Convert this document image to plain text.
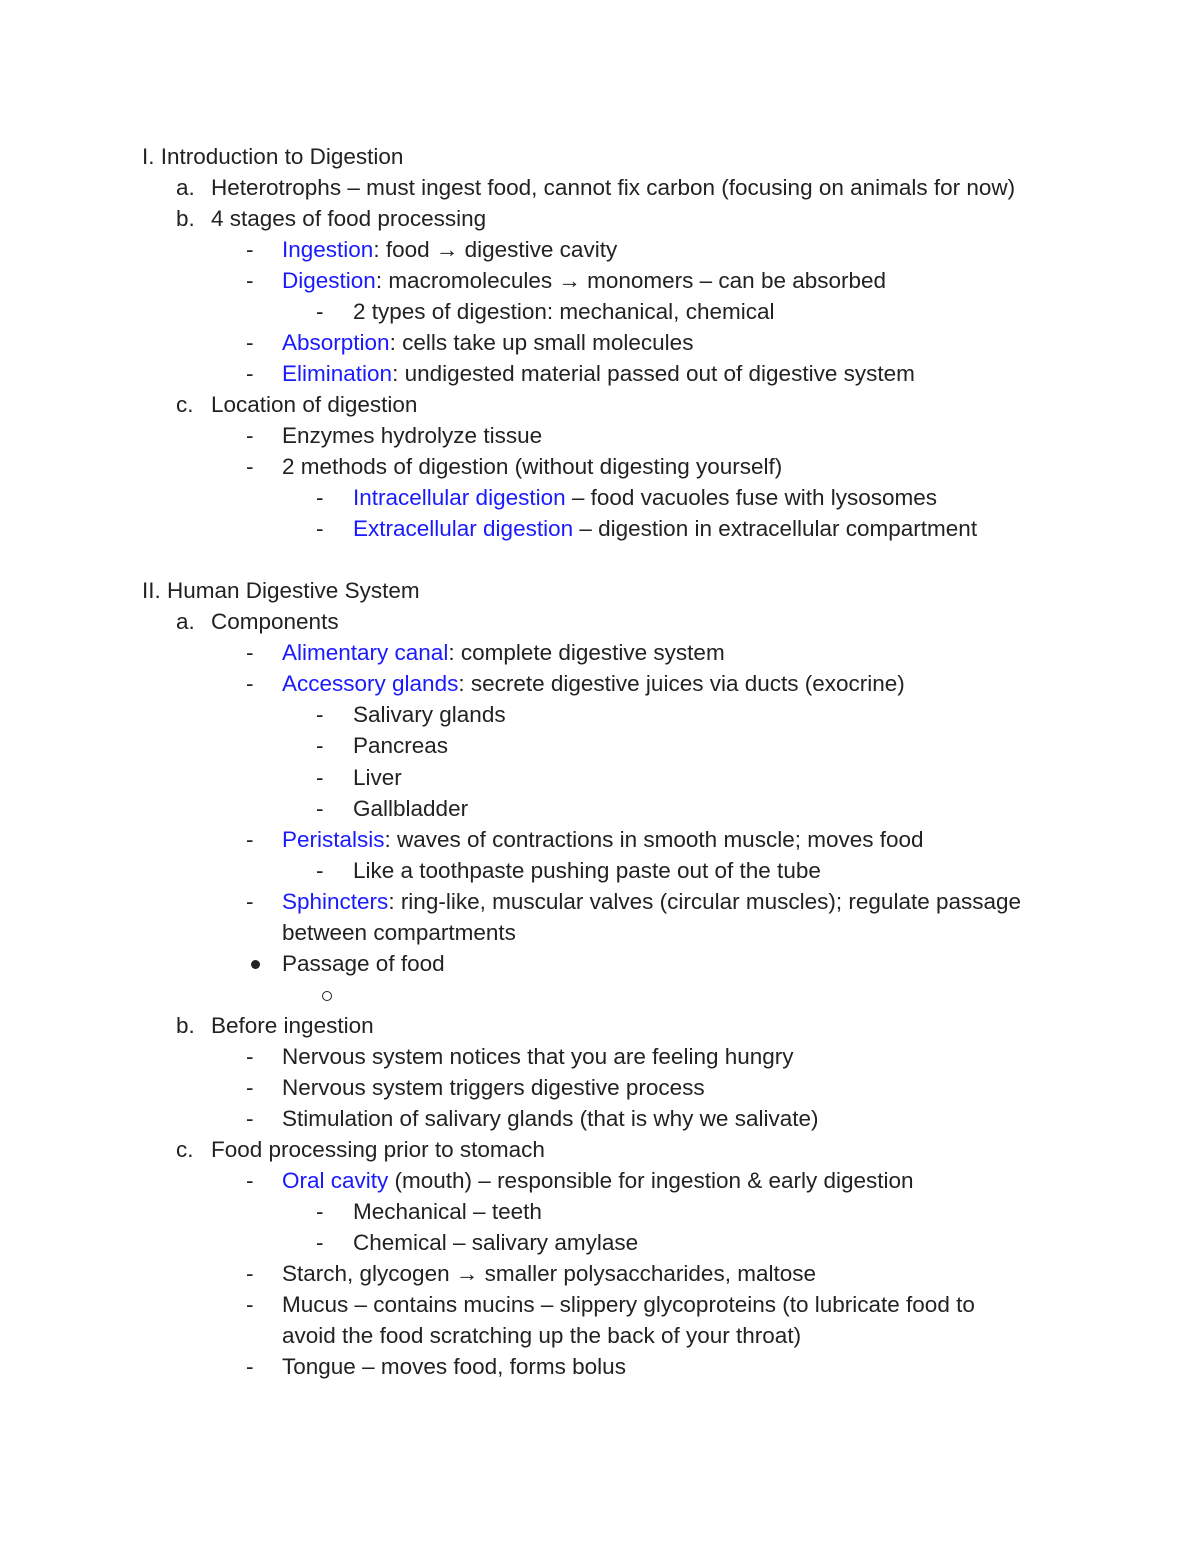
I. Introduction to Digestion
a. Heterotrophs – must ingest food, cannot fix carbon (focusing on animals for now)
b. 4 stages of food processing
- Ingestion: food → digestive cavity
- Digestion: macromolecules → monomers – can be absorbed
- 2 types of digestion: mechanical, chemical
- Absorption: cells take up small molecules
- Elimination: undigested material passed out of digestive system
c. Location of digestion
- Enzymes hydrolyze tissue
- 2 methods of digestion (without digesting yourself)
- Intracellular digestion – food vacuoles fuse with lysosomes
- Extracellular digestion – digestion in extracellular compartment
II. Human Digestive System
a. Components
- Alimentary canal: complete digestive system
- Accessory glands: secrete digestive juices via ducts (exocrine)
- Salivary glands
- Pancreas
- Liver
- Gallbladder
- Peristalsis: waves of contractions in smooth muscle; moves food
- Like a toothpaste pushing paste out of the tube
- Sphincters: ring-like, muscular valves (circular muscles); regulate passage
between compartments
Passage of food
b. Before ingestion
- Nervous system notices that you are feeling hungry
- Nervous system triggers digestive process
- Stimulation of salivary glands (that is why we salivate)
c. Food processing prior to stomach
- Oral cavity (mouth) – responsible for ingestion & early digestion
- Mechanical – teeth
- Chemical – salivary amylase
- Starch, glycogen → smaller polysaccharides, maltose
- Mucus – contains mucins – slippery glycoproteins (to lubricate food to
avoid the food scratching up the back of your throat)
- Tongue – moves food, forms bolus
